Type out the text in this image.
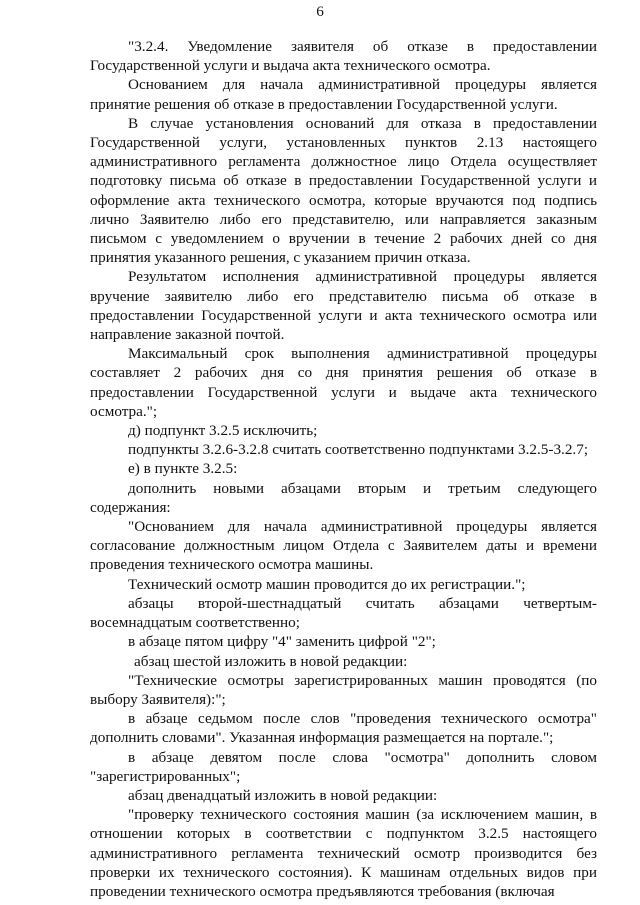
6

"3.2.4. Уведомление заявителя об отказе в предоставлении Государственной услуги и выдача акта технического осмотра.

Основанием для начала административной процедуры является принятие решения об отказе в предоставлении Государственной услуги.

В случае установления оснований для отказа в предоставлении Государственной услуги, установленных пунктов 2.13 настоящего административного регламента должностное лицо Отдела осуществляет подготовку письма об отказе в предоставлении Государственной услуги и оформление акта технического осмотра, которые вручаются под подпись лично Заявителю либо его представителю, или направляется заказным письмом с уведомлением о вручении в течение 2 рабочих дней со дня принятия указанного решения, с указанием причин отказа.

Результатом исполнения административной процедуры является вручение заявителю либо его представителю письма об отказе в предоставлении Государственной услуги и акта технического осмотра или направление заказной почтой.

Максимальный срок выполнения административной процедуры составляет 2 рабочих дня со дня принятия решения об отказе в предоставлении Государственной услуги и выдаче акта технического осмотра.";

д) подпункт 3.2.5 исключить;

подпункты 3.2.6-3.2.8 считать соответственно подпунктами 3.2.5-3.2.7;

е) в пункте 3.2.5:

дополнить новыми абзацами вторым и третьим следующего содержания:

"Основанием для начала административной процедуры является согласование должностным лицом Отдела с Заявителем даты и времени проведения технического осмотра машины.

Технический осмотр машин проводится до их регистрации.";

абзацы второй-шестнадцатый считать абзацами четвертым-восемнадцатым соответственно;

в абзаце пятом цифру "4" заменить цифрой "2";

абзац шестой изложить в новой редакции:

"Технические осмотры зарегистрированных машин проводятся (по выбору Заявителя):";

в абзаце седьмом после слов "проведения технического осмотра" дополнить словами". Указанная информация размещается на портале.";

в абзаце девятом после слова "осмотра" дополнить словом "зарегистрированных";

абзац двенадцатый изложить в новой редакции:

"проверку технического состояния машин (за исключением машин, в отношении которых в соответствии с подпунктом 3.2.5 настоящего административного регламента технический осмотр производится без проверки их технического состояния). К машинам отдельных видов при проведении технического осмотра предъявляются требования (включая
